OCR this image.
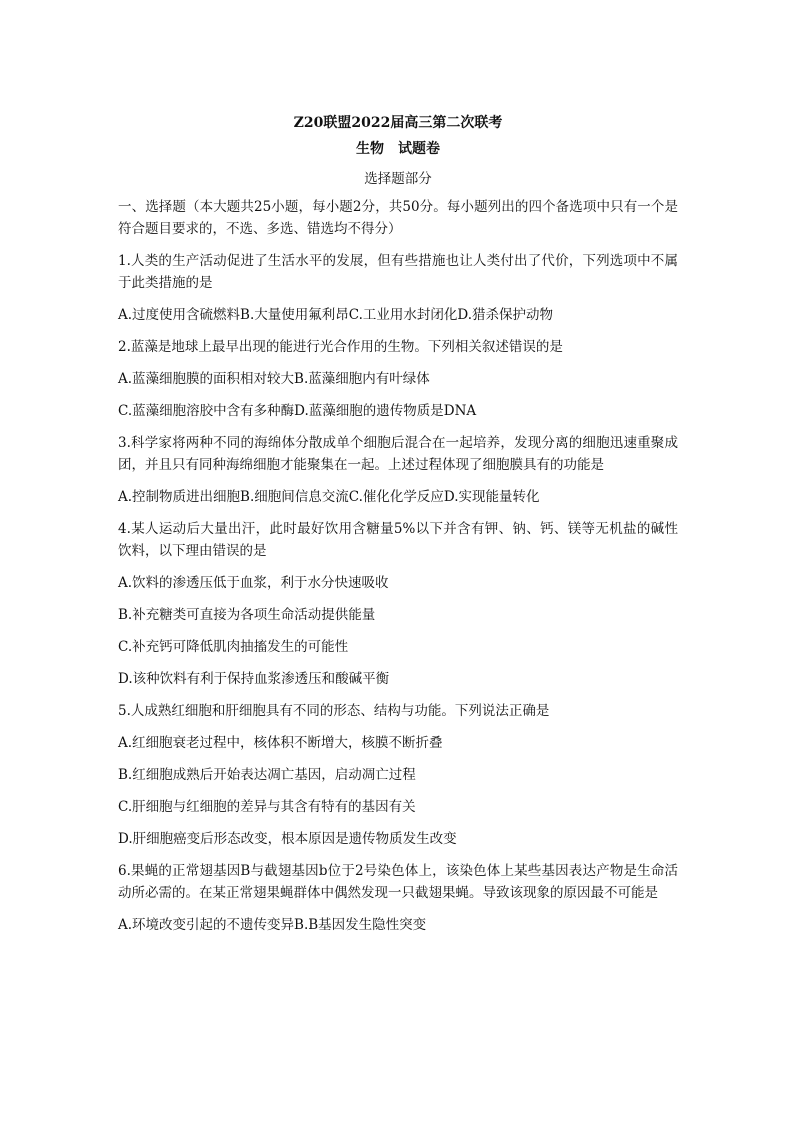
Z20联盟2022届高三第二次联考

生物　试题卷

选择题部分

一、选择题（本大题共25小题，每小题2分，共50分。每小题列出的四个备选项中只有一个是符合题目要求的，不选、多选、错选均不得分）

1.人类的生产活动促进了生活水平的发展，但有些措施也让人类付出了代价，下列选项中不属于此类措施的是

A.过度使用含硫燃料B.大量使用氟利昂C.工业用水封闭化D.猎杀保护动物

2.蓝藻是地球上最早出现的能进行光合作用的生物。下列相关叙述错误的是

A.蓝藻细胞膜的面积相对较大B.蓝藻细胞内有叶绿体

C.蓝藻细胞溶胶中含有多种酶D.蓝藻细胞的遗传物质是DNA

3.科学家将两种不同的海绵体分散成单个细胞后混合在一起培养，发现分离的细胞迅速重聚成团，并且只有同种海绵细胞才能聚集在一起。上述过程体现了细胞膜具有的功能是

A.控制物质进出细胞B.细胞间信息交流C.催化化学反应D.实现能量转化

4.某人运动后大量出汗，此时最好饮用含糖量5%以下并含有钾、钠、钙、镁等无机盐的碱性饮料，以下理由错误的是

A.饮料的渗透压低于血浆，利于水分快速吸收

B.补充糖类可直接为各项生命活动提供能量

C.补充钙可降低肌肉抽搐发生的可能性

D.该种饮料有利于保持血浆渗透压和酸碱平衡

5.人成熟红细胞和肝细胞具有不同的形态、结构与功能。下列说法正确是

A.红细胞衰老过程中，核体积不断增大，核膜不断折叠

B.红细胞成熟后开始表达凋亡基因，启动凋亡过程

C.肝细胞与红细胞的差异与其含有特有的基因有关

D.肝细胞癌变后形态改变，根本原因是遗传物质发生改变

6.果蝇的正常翅基因B与截翅基因b位于2号染色体上，该染色体上某些基因表达产物是生命活动所必需的。在某正常翅果蝇群体中偶然发现一只截翅果蝇。导致该现象的原因最不可能是

A.环境改变引起的不遗传变异B.B基因发生隐性突变
